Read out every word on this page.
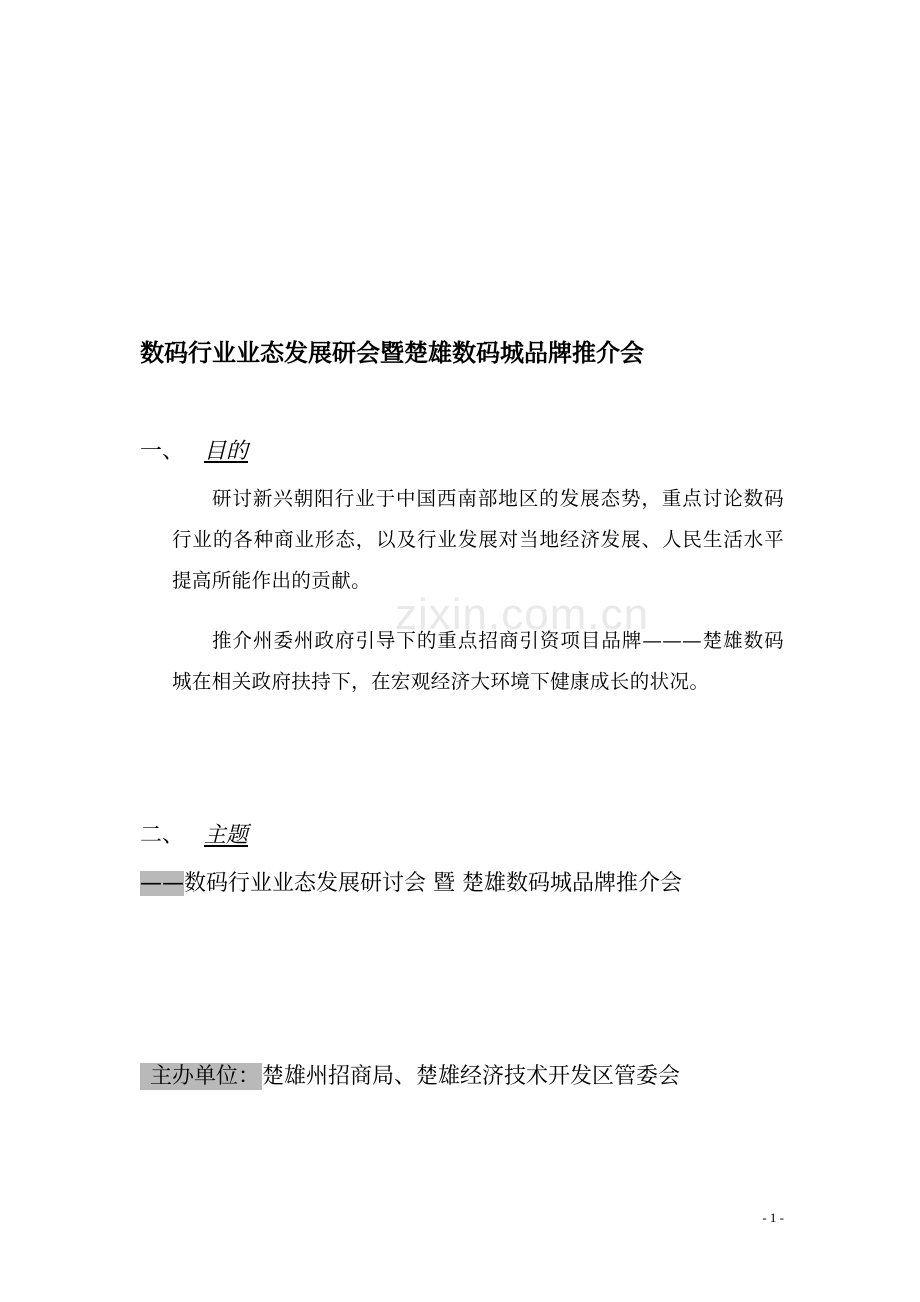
zixin.com.cn
数码行业业态发展研会暨楚雄数码城品牌推介会
一、 目的
研讨新兴朝阳行业于中国西南部地区的发展态势，重点讨论数码行业的各种商业形态，以及行业发展对当地经济发展、人民生活水平提高所能作出的贡献。
推介州委州政府引导下的重点招商引资项目品牌———楚雄数码城在相关政府扶持下，在宏观经济大环境下健康成长的状况。
二、 主题
——数码行业业态发展研讨会 暨 楚雄数码城品牌推介会
主办单位：楚雄州招商局、楚雄经济技术开发区管委会
- 1 -
